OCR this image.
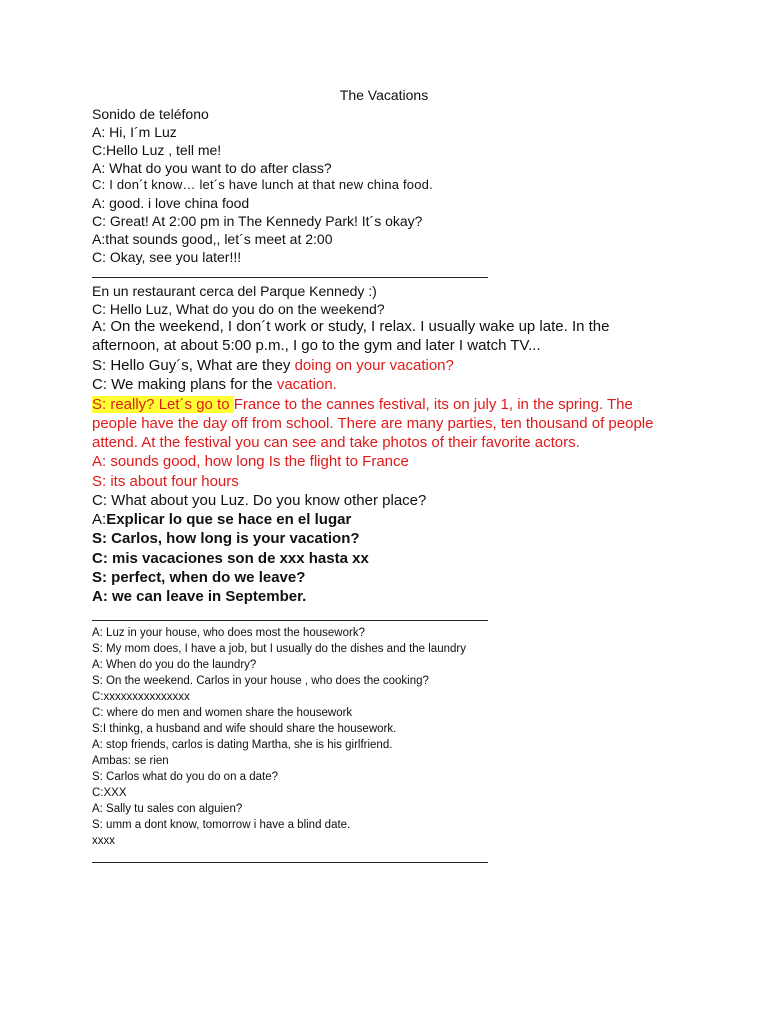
The Vacations
Sonido de teléfono
A: Hi, I´m Luz
C:Hello Luz , tell me!
A: What do you want to do after class?
C: I don´t know… let´s have lunch at that new china food.
A: good. i love china food
C: Great! At 2:00 pm in The Kennedy Park! It´s okay?
A:that sounds good,, let´s meet at 2:00
C: Okay, see you later!!!
En un restaurant cerca del Parque Kennedy :)
C: Hello Luz, What do you do on the weekend?
A: On the weekend, I don´t work or study, I relax. I usually wake up late. In the afternoon, at about 5:00 p.m., I go to the gym and later I watch TV...
S: Hello Guy´s, What are they doing on your vacation?
C: We making plans for the vacation.
S: really? Let´s go to France to the cannes festival, its on july 1, in the spring. The people have the day off from school. There are many parties, ten thousand of people attend. At the festival you can see and take photos of their favorite actors.
A: sounds good, how long Is the flight to France
S: its about four hours
C: What about you Luz. Do you know other place?
A:Explicar lo que se hace en el lugar
S: Carlos, how long is your vacation?
C: mis vacaciones son de xxx hasta xx
S: perfect, when do we leave?
A: we can leave in September.
A: Luz in your house, who does most the housework?
S: My mom does, I have a job, but I usually do the dishes and the laundry
A: When do you do the laundry?
S: On the weekend. Carlos in your house , who does the cooking?
C:xxxxxxxxxxxxxxx
C: where do men and women share the housework
S:I thinkg, a husband and wife should share the housework.
A: stop friends, carlos is dating Martha, she is his girlfriend.
Ambas: se rien
S: Carlos what do you do on a date?
C:XXX
A: Sally tu sales con alguien?
S: umm a dont know, tomorrow i have a blind date.
xxxx
